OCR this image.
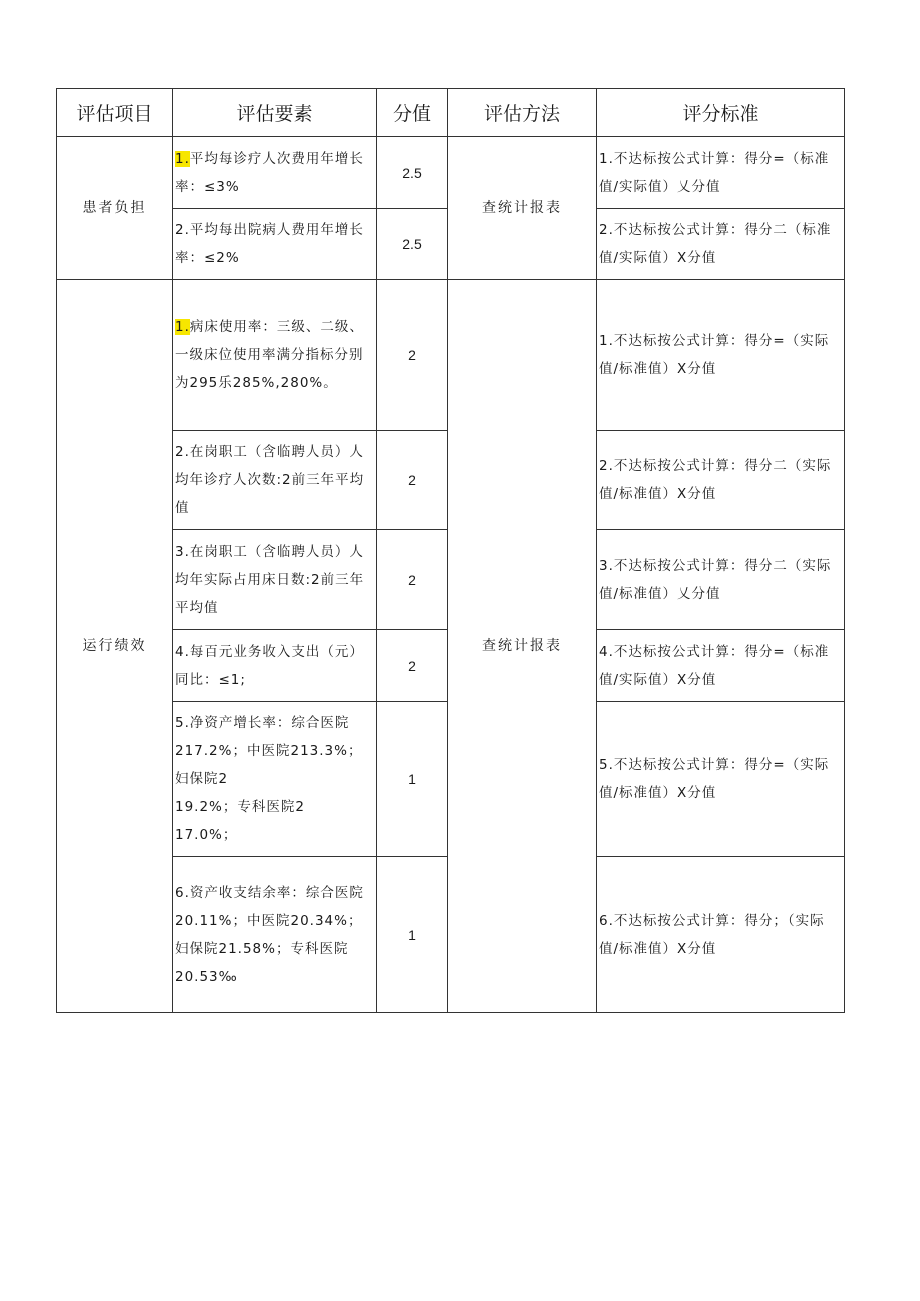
评估项目	评估要素	分值	评估方法	评分标准
患者负担	1.平均每诊疗人次费用年增长率：≤3%	2.5	查统计报表	1.不达标按公式计算：得分=（标准值/实际值）乂分值

	2.平均每出院病人费用年增长率：≤2%	2.5		2.不达标按公式计算：得分二（标准值/实际值）X分值

运行绩效	1.病床使用率：三级、二级、一级床位使用率满分指标分别为295乐285%,280%。	2	查统计报表	1.不达标按公式计算：得分=（实际值/标准值）X分值

	2.在岗职工（含临聘人员）人均年诊疗人次数:2前三年平均值	2		2.不达标按公式计算：得分二（实际值/标准值）X分值

	3.在岗职工（含临聘人员）人均年实际占用床日数:2前三年平均值	2		3.不达标按公式计算：得分二（实际值/标准值）乂分值

	4.每百元业务收入支出（元）
同比：≤1;	2		4.不达标按公式计算：得分=（标准值/实际值）X分值

	5.净资产增长率：综合医院217.2%；中医院213.3%；妇保院2
19.2%；专科医院2
17.0%；	1		5.不达标按公式计算：得分=（实际值/标准值）X分值

	6.资产收支结余率：综合医院20.11%；中医院20.34%；妇保院21.58%；专科医院20.53‰	1		6.不达标按公式计算：得分；（实际值/标准值）X分值
